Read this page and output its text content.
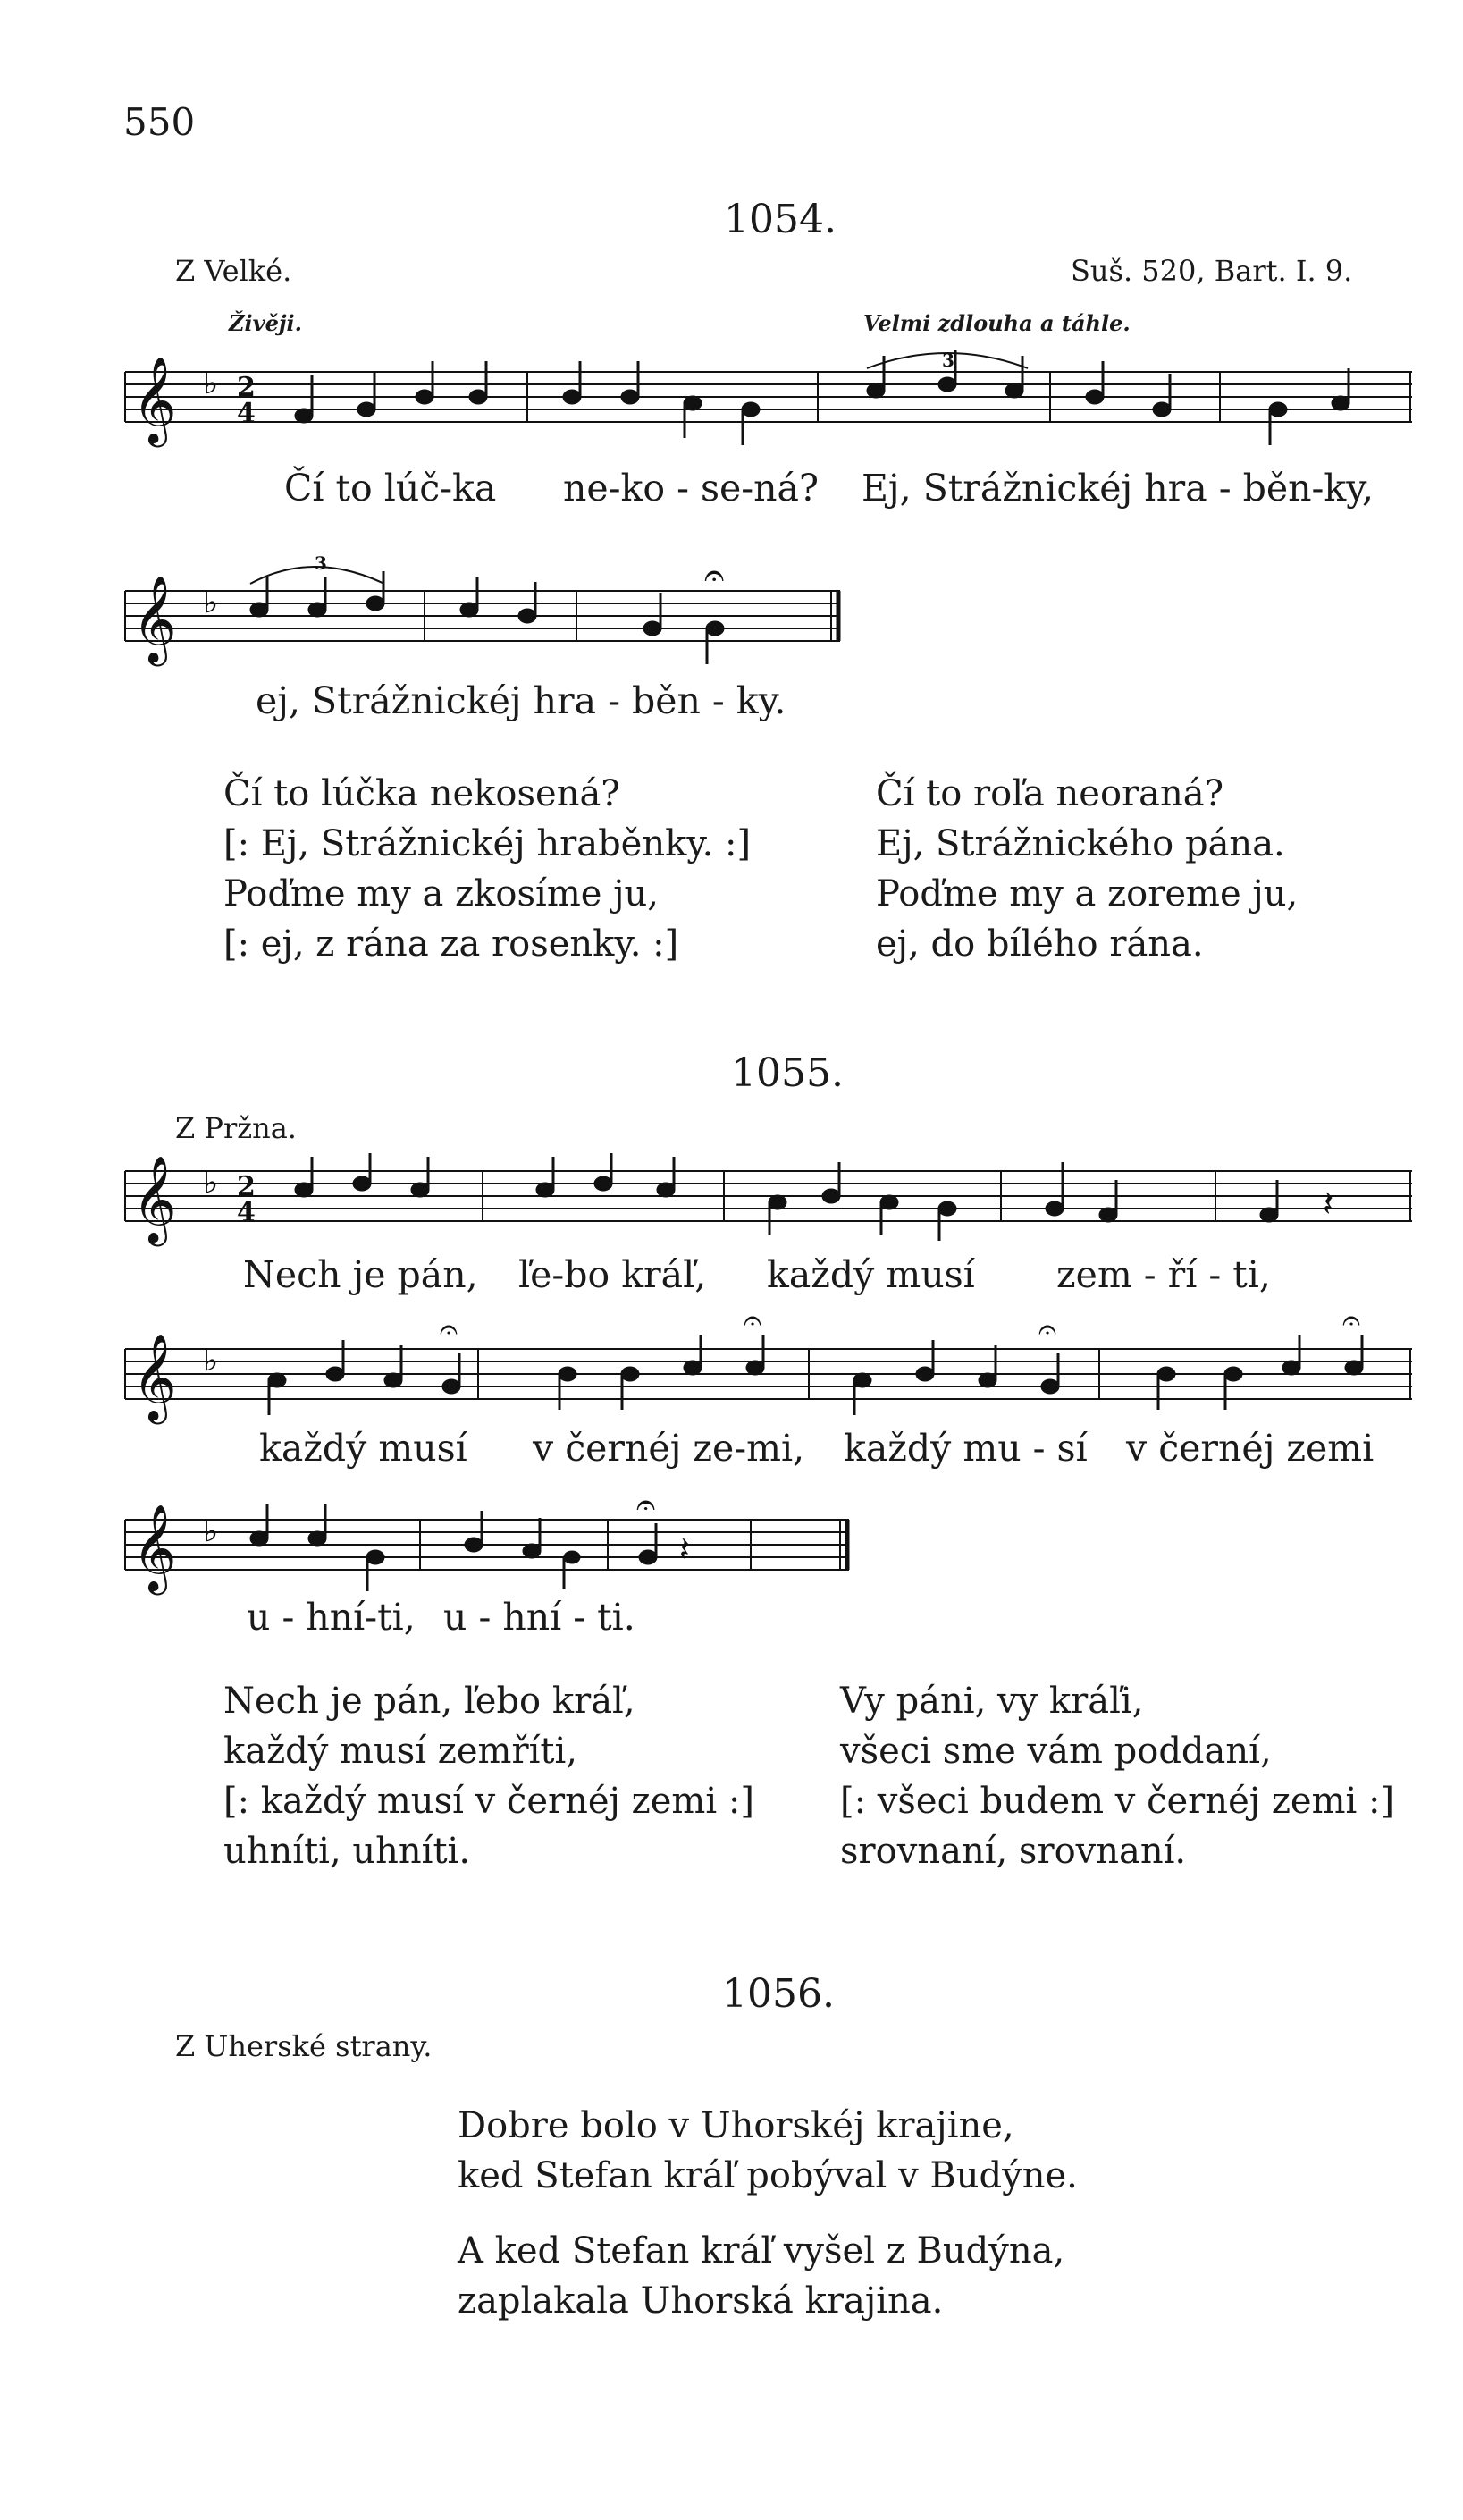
550
1054.
Z Velké.	Suš. 520, Bart. I. 9.
Živěji.	Velmi zdlouha a táhle.
𝄞 ♭ 2
4
3
Čí to lúč-ka ne-ko - se-ná? Ej, Strážnickéj hra - běn-ky,
𝄞 ♭
3	𝄐
ej, Strážnickéj hra - běn - ky.
Čí to lúčka nekosená?
[: Ej, Strážnickéj hraběnky. :]
Poďme my a zkosíme ju,
[: ej, z rána za rosenky. :]
Čí to roľa neoraná?
Ej, Strážnického pána.
Poďme my a zoreme ju,
ej, do bílého rána.
1055.
Z Pržna.
𝄞 ♭ 2
4	𝄽
Nech je pán, ľe-bo kráľ, každý musí zem - ří - ti,
𝄞 ♭
𝄐	𝄐	𝄐	𝄐
každý musí v černéj ze-mi, každý mu - sí v černéj zemi
𝄞 ♭
𝄐
𝄽
u - hní-ti, u - hní - ti.
Nech je pán, ľebo kráľ,
každý musí zemříti,
[: každý musí v černéj zemi :]
uhníti, uhníti.
Vy páni, vy kráľi,
všeci sme vám poddaní,
[: všeci budem v černéj zemi :]
srovnaní, srovnaní.
1056.
Z Uherské strany.
Dobre bolo v Uhorskéj krajine,
ked Stefan kráľ pobýval v Budýne.
A ked Stefan kráľ vyšel z Budýna,
zaplakala Uhorská krajina.
